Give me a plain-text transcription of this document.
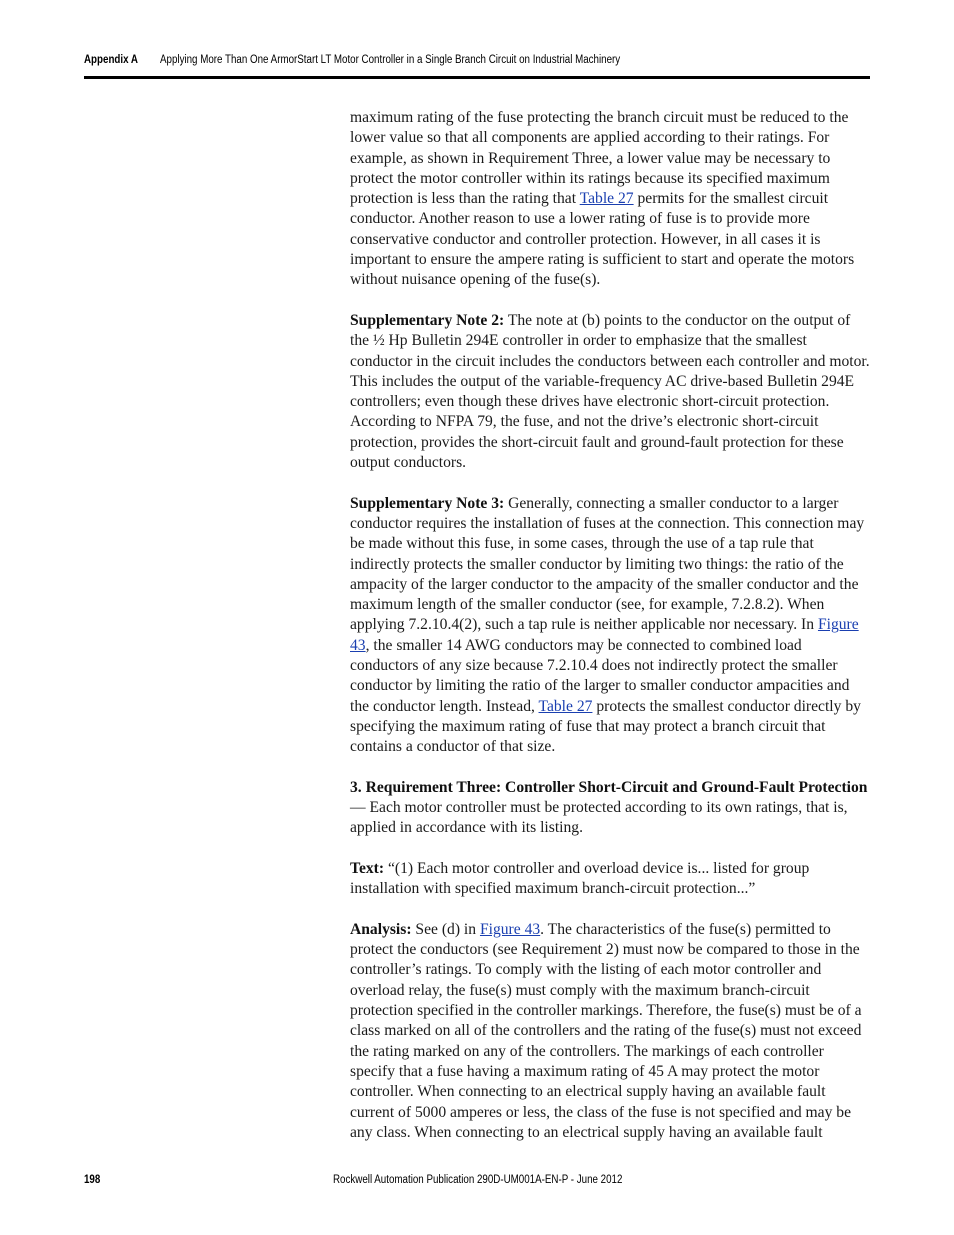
Appendix A Applying More Than One ArmorStart LT Motor Controller in a Single Branch Circuit on Industrial Machinery

maximum rating of the fuse protecting the branch circuit must be reduced to the lower value so that all components are applied according to their ratings. For example, as shown in Requirement Three, a lower value may be necessary to protect the motor controller within its ratings because its specified maximum protection is less than the rating that Table 27 permits for the smallest circuit conductor. Another reason to use a lower rating of fuse is to provide more conservative conductor and controller protection. However, in all cases it is important to ensure the ampere rating is sufficient to start and operate the motors without nuisance opening of the fuse(s).

Supplementary Note 2: The note at (b) points to the conductor on the output of the ½ Hp Bulletin 294E controller in order to emphasize that the smallest conductor in the circuit includes the conductors between each controller and motor. This includes the output of the variable-frequency AC drive-based Bulletin 294E controllers; even though these drives have electronic short-circuit protection. According to NFPA 79, the fuse, and not the drive’s electronic short-circuit protection, provides the short-circuit fault and ground-fault protection for these output conductors.

Supplementary Note 3: Generally, connecting a smaller conductor to a larger conductor requires the installation of fuses at the connection. This connection may be made without this fuse, in some cases, through the use of a tap rule that indirectly protects the smaller conductor by limiting two things: the ratio of the ampacity of the larger conductor to the ampacity of the smaller conductor and the maximum length of the smaller conductor (see, for example, 7.2.8.2). When applying 7.2.10.4(2), such a tap rule is neither applicable nor necessary. In Figure 43, the smaller 14 AWG conductors may be connected to combined load conductors of any size because 7.2.10.4 does not indirectly protect the smaller conductor by limiting the ratio of the larger to smaller conductor ampacities and the conductor length. Instead, Table 27 protects the smallest conductor directly by specifying the maximum rating of fuse that may protect a branch circuit that contains a conductor of that size.

3. Requirement Three: Controller Short-Circuit and Ground-Fault Protection — Each motor controller must be protected according to its own ratings, that is, applied in accordance with its listing.

Text: “(1) Each motor controller and overload device is... listed for group installation with specified maximum branch-circuit protection...”

Analysis: See (d) in Figure 43. The characteristics of the fuse(s) permitted to protect the conductors (see Requirement 2) must now be compared to those in the controller’s ratings. To comply with the listing of each motor controller and overload relay, the fuse(s) must comply with the maximum branch-circuit protection specified in the controller markings. Therefore, the fuse(s) must be of a class marked on all of the controllers and the rating of the fuse(s) must not exceed the rating marked on any of the controllers. The markings of each controller specify that a fuse having a maximum rating of 45 A may protect the motor controller. When connecting to an electrical supply having an available fault current of 5000 amperes or less, the class of the fuse is not specified and may be any class. When connecting to an electrical supply having an available fault

198	Rockwell Automation Publication 290D-UM001A-EN-P - June 2012
